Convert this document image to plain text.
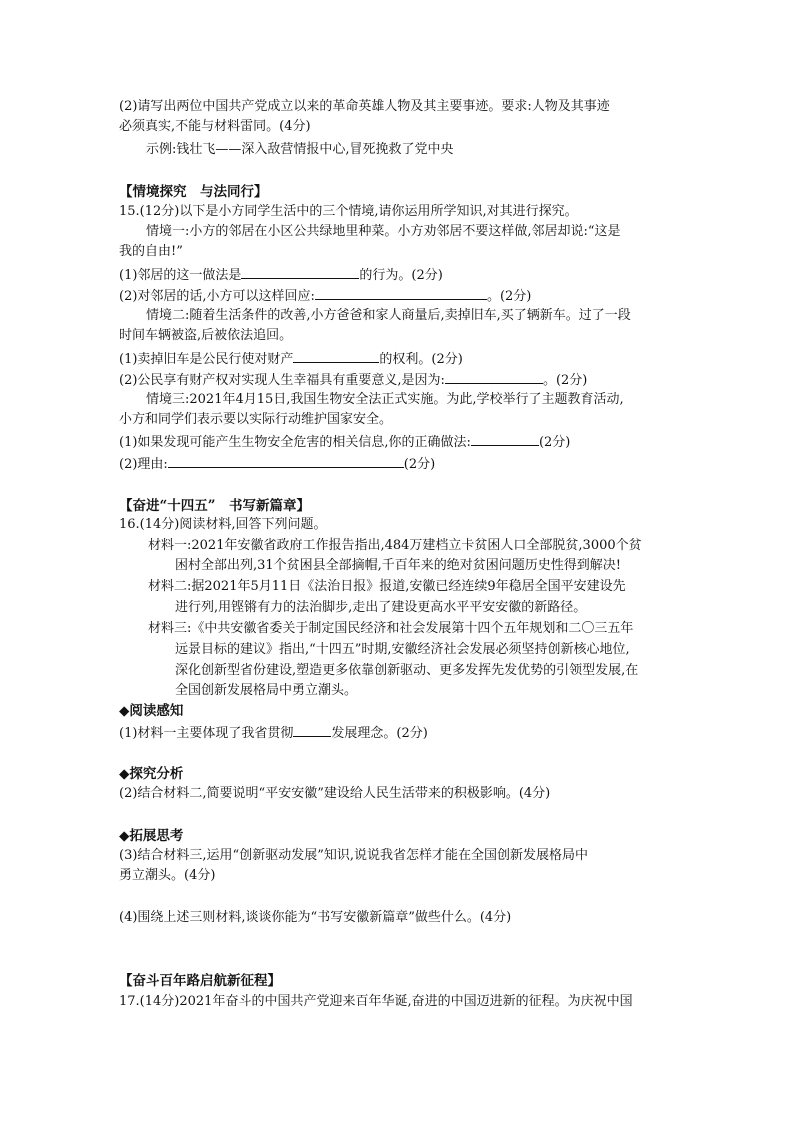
(2)请写出两位中国共产党成立以来的革命英雄人物及其主要事迹。要求:人物及其事迹
必须真实,不能与材料雷同。(4分)
示例:钱壮飞——深入敌营情报中心,冒死挽救了党中央
【情境探究　与法同行】
15.(12分)以下是小方同学生活中的三个情境,请你运用所学知识,对其进行探究。
情境一:小方的邻居在小区公共绿地里种菜。小方劝邻居不要这样做,邻居却说:“这是
我的自由!”
(1)邻居的这一做法是	的行为。(2分)
(2)对邻居的话,小方可以这样回应:	。(2分)
情境二:随着生活条件的改善,小方爸爸和家人商量后,卖掉旧车,买了辆新车。过了一段
时间车辆被盗,后被依法追回。
(1)卖掉旧车是公民行使对财产	的权利。(2分)
(2)公民享有财产权对实现人生幸福具有重要意义,是因为:	。(2分)
情境三:2021年4月15日,我国生物安全法正式实施。为此,学校举行了主题教育活动,
小方和同学们表示要以实际行动维护国家安全。
(1)如果发现可能产生生物安全危害的相关信息,你的正确做法:	(2分)
(2)理由:	(2分)
【奋进“十四五”　书写新篇章】
16.(14分)阅读材料,回答下列问题。
材料一:2021年安徽省政府工作报告指出,484万建档立卡贫困人口全部脱贫,3000个贫
困村全部出列,31个贫困县全部摘帽,千百年来的绝对贫困问题历史性得到解决!
材料二:据2021年5月11日《法治日报》报道,安徽已经连续9年稳居全国平安建设先
进行列,用铿锵有力的法治脚步,走出了建设更高水平平安安徽的新路径。
材料三:《中共安徽省委关于制定国民经济和社会发展第十四个五年规划和二〇三五年
远景目标的建议》指出,“十四五”时期,安徽经济社会发展必须坚持创新核心地位,
深化创新型省份建设,塑造更多依靠创新驱动、更多发挥先发优势的引领型发展,在
全国创新发展格局中勇立潮头。
◆阅读感知
(1)材料一主要体现了我省贯彻	发展理念。(2分)
◆探究分析
(2)结合材料二,简要说明“平安安徽”建设给人民生活带来的积极影响。(4分)
◆拓展思考
(3)结合材料三,运用“创新驱动发展”知识,说说我省怎样才能在全国创新发展格局中
勇立潮头。(4分)
(4)围绕上述三则材料,谈谈你能为“书写安徽新篇章”做些什么。(4分)
【奋斗百年路启航新征程】
17.(14分)2021年奋斗的中国共产党迎来百年华诞,奋进的中国迈进新的征程。为庆祝中国
